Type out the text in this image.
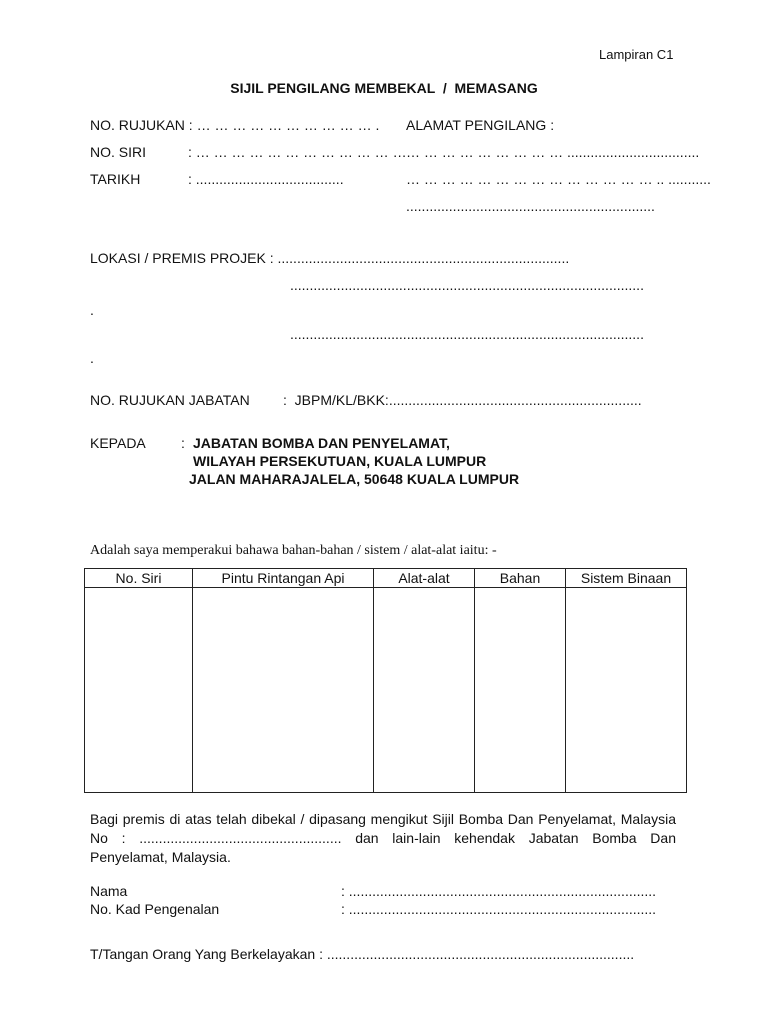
Lampiran C1
SIJIL PENGILANG MEMBEKAL  /  MEMASANG
NO. RUJUKAN : … … … … … … … … … … . ALAMAT PENGILANG :
NO. SIRI	: … … … … … … … … … … … … … … … … … … … … … ..................................
TARIKH	: ......................................	… … … … … … … … … … … … … … .. ...........
................................................................
LOKASI / PREMIS PROJEK : ...........................................................................
...........................................................................................
.
...........................................................................................
.
NO. RUJUKAN JABATAN :  JBPM/KL/BKK:.................................................................
KEPADA	: JABATAN BOMBA DAN PENYELAMAT,
WILAYAH PERSEKUTUAN, KUALA LUMPUR
JALAN MAHARAJALELA, 50648 KUALA LUMPUR
Adalah saya memperakui bahawa bahan-bahan / sistem / alat-alat iaitu: -
No. Siri	Pintu Rintangan Api	Alat-alat	Bahan	Sistem Binaan

Bagi premis di atas telah dibekal / dipasang mengikut Sijil Bomba Dan Penyelamat, Malaysia No : .................................................... dan lain-lain kehendak Jabatan Bomba Dan Penyelamat, Malaysia.

Nama	: ...............................................................................
No. Kad Pengenalan	: ...............................................................................
T/Tangan Orang Yang Berkelayakan : ...............................................................................
